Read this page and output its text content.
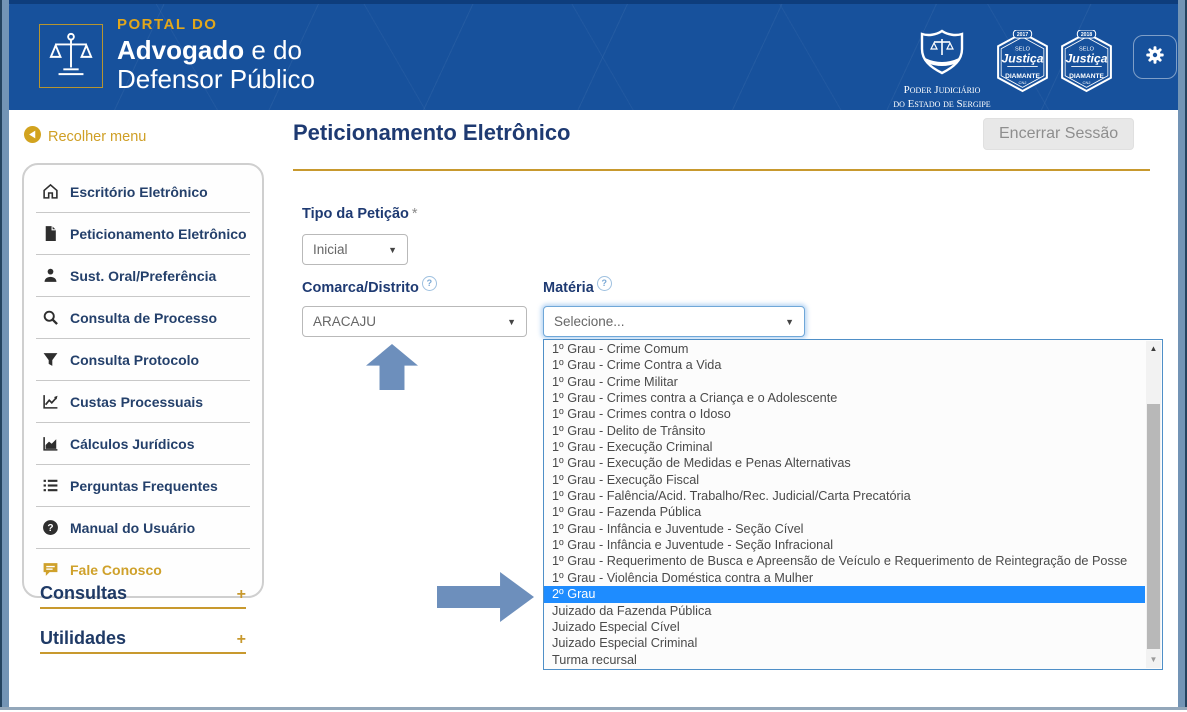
PORTAL DO
Advogado e do
Defensor Público	Poder Judiciário
do Estado de Sergipe
2017
SELO
Justiça
DIAMANTE
CNJ
2018
SELO
Justiça
DIAMANTE
CNJ
Recolher menu
Escritório Eletrônico
Peticionamento Eletrônico
Sust. Oral/Preferência
Consulta de Processo
Consulta Protocolo
Custas Processuais
Cálculos Jurídicos
Perguntas Frequentes
? Manual do Usuário
Fale Conosco
Consultas	+
Utilidades	+
Peticionamento Eletrônico	Encerrar Sessão
Tipo da Petição *
Inicial	▼
Comarca/Distrito ?
ARACAJU	▼
Matéria ?
Selecione...	▼
1º Grau - Crime Comum
1º Grau - Crime Contra a Vida
1º Grau - Crime Militar
1º Grau - Crimes contra a Criança e o Adolescente
1º Grau - Crimes contra o Idoso
1º Grau - Delito de Trânsito
1º Grau - Execução Criminal
1º Grau - Execução de Medidas e Penas Alternativas
1º Grau - Execução Fiscal
1º Grau - Falência/Acid. Trabalho/Rec. Judicial/Carta Precatória
1º Grau - Fazenda Pública
1º Grau - Infância e Juventude - Seção Cível
1º Grau - Infância e Juventude - Seção Infracional
1º Grau - Requerimento de Busca e Apreensão de Veículo e Requerimento de Reintegração de Posse
1º Grau - Violência Doméstica contra a Mulher
2º Grau
Juizado da Fazenda Pública
Juizado Especial Cível
Juizado Especial Criminal
Turma recursal
▲
▼
